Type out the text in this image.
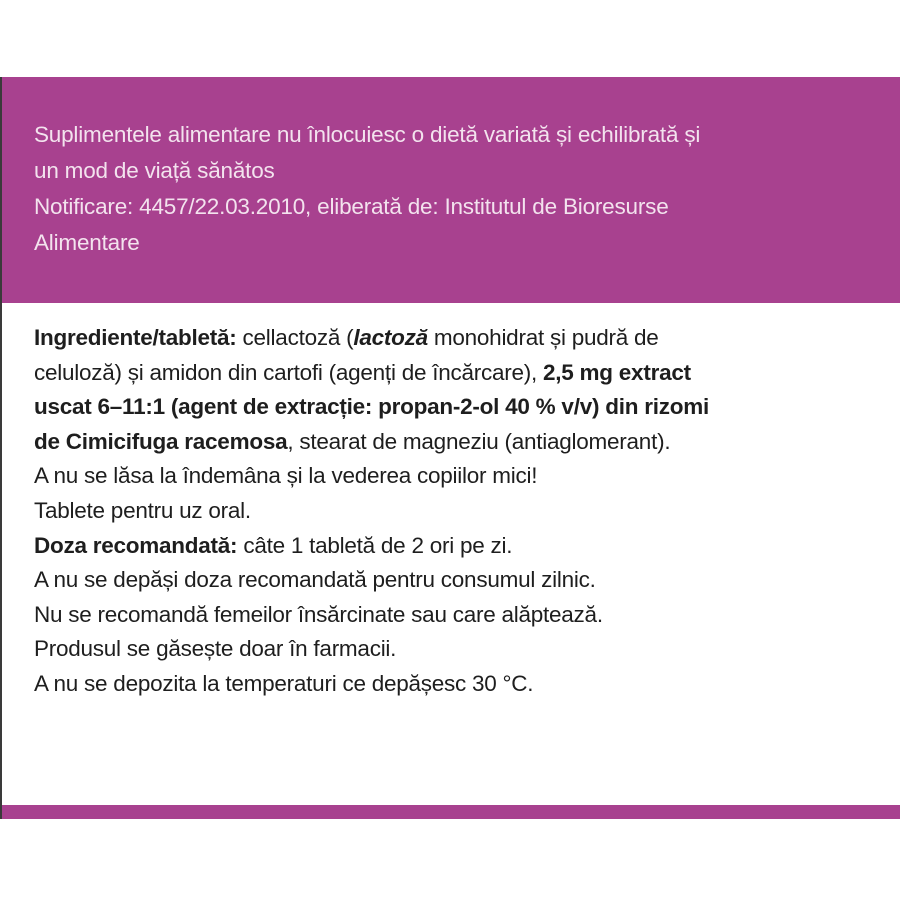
Suplimentele alimentare nu înlocuiesc o dietă variată și echilibrată și
un mod de viață sănătos
Notificare: 4457/22.03.2010, eliberată de: Institutul de Bioresurse
Alimentare

Ingrediente/tabletă: cellactoză (lactoză monohidrat și pudră de
celuloză) și amidon din cartofi (agenți de încărcare), 2,5 mg extract
uscat 6–11:1 (agent de extracție: propan-2-ol 40 % v/v) din rizomi
de Cimicifuga racemosa, stearat de magneziu (antiaglomerant).
A nu se lăsa la îndemâna și la vederea copiilor mici!
Tablete pentru uz oral.
Doza recomandată: câte 1 tabletă de 2 ori pe zi.
A nu se depăși doza recomandată pentru consumul zilnic.
Nu se recomandă femeilor însărcinate sau care alăptează.
Produsul se găsește doar în farmacii.
A nu se depozita la temperaturi ce depășesc 30 °C.
